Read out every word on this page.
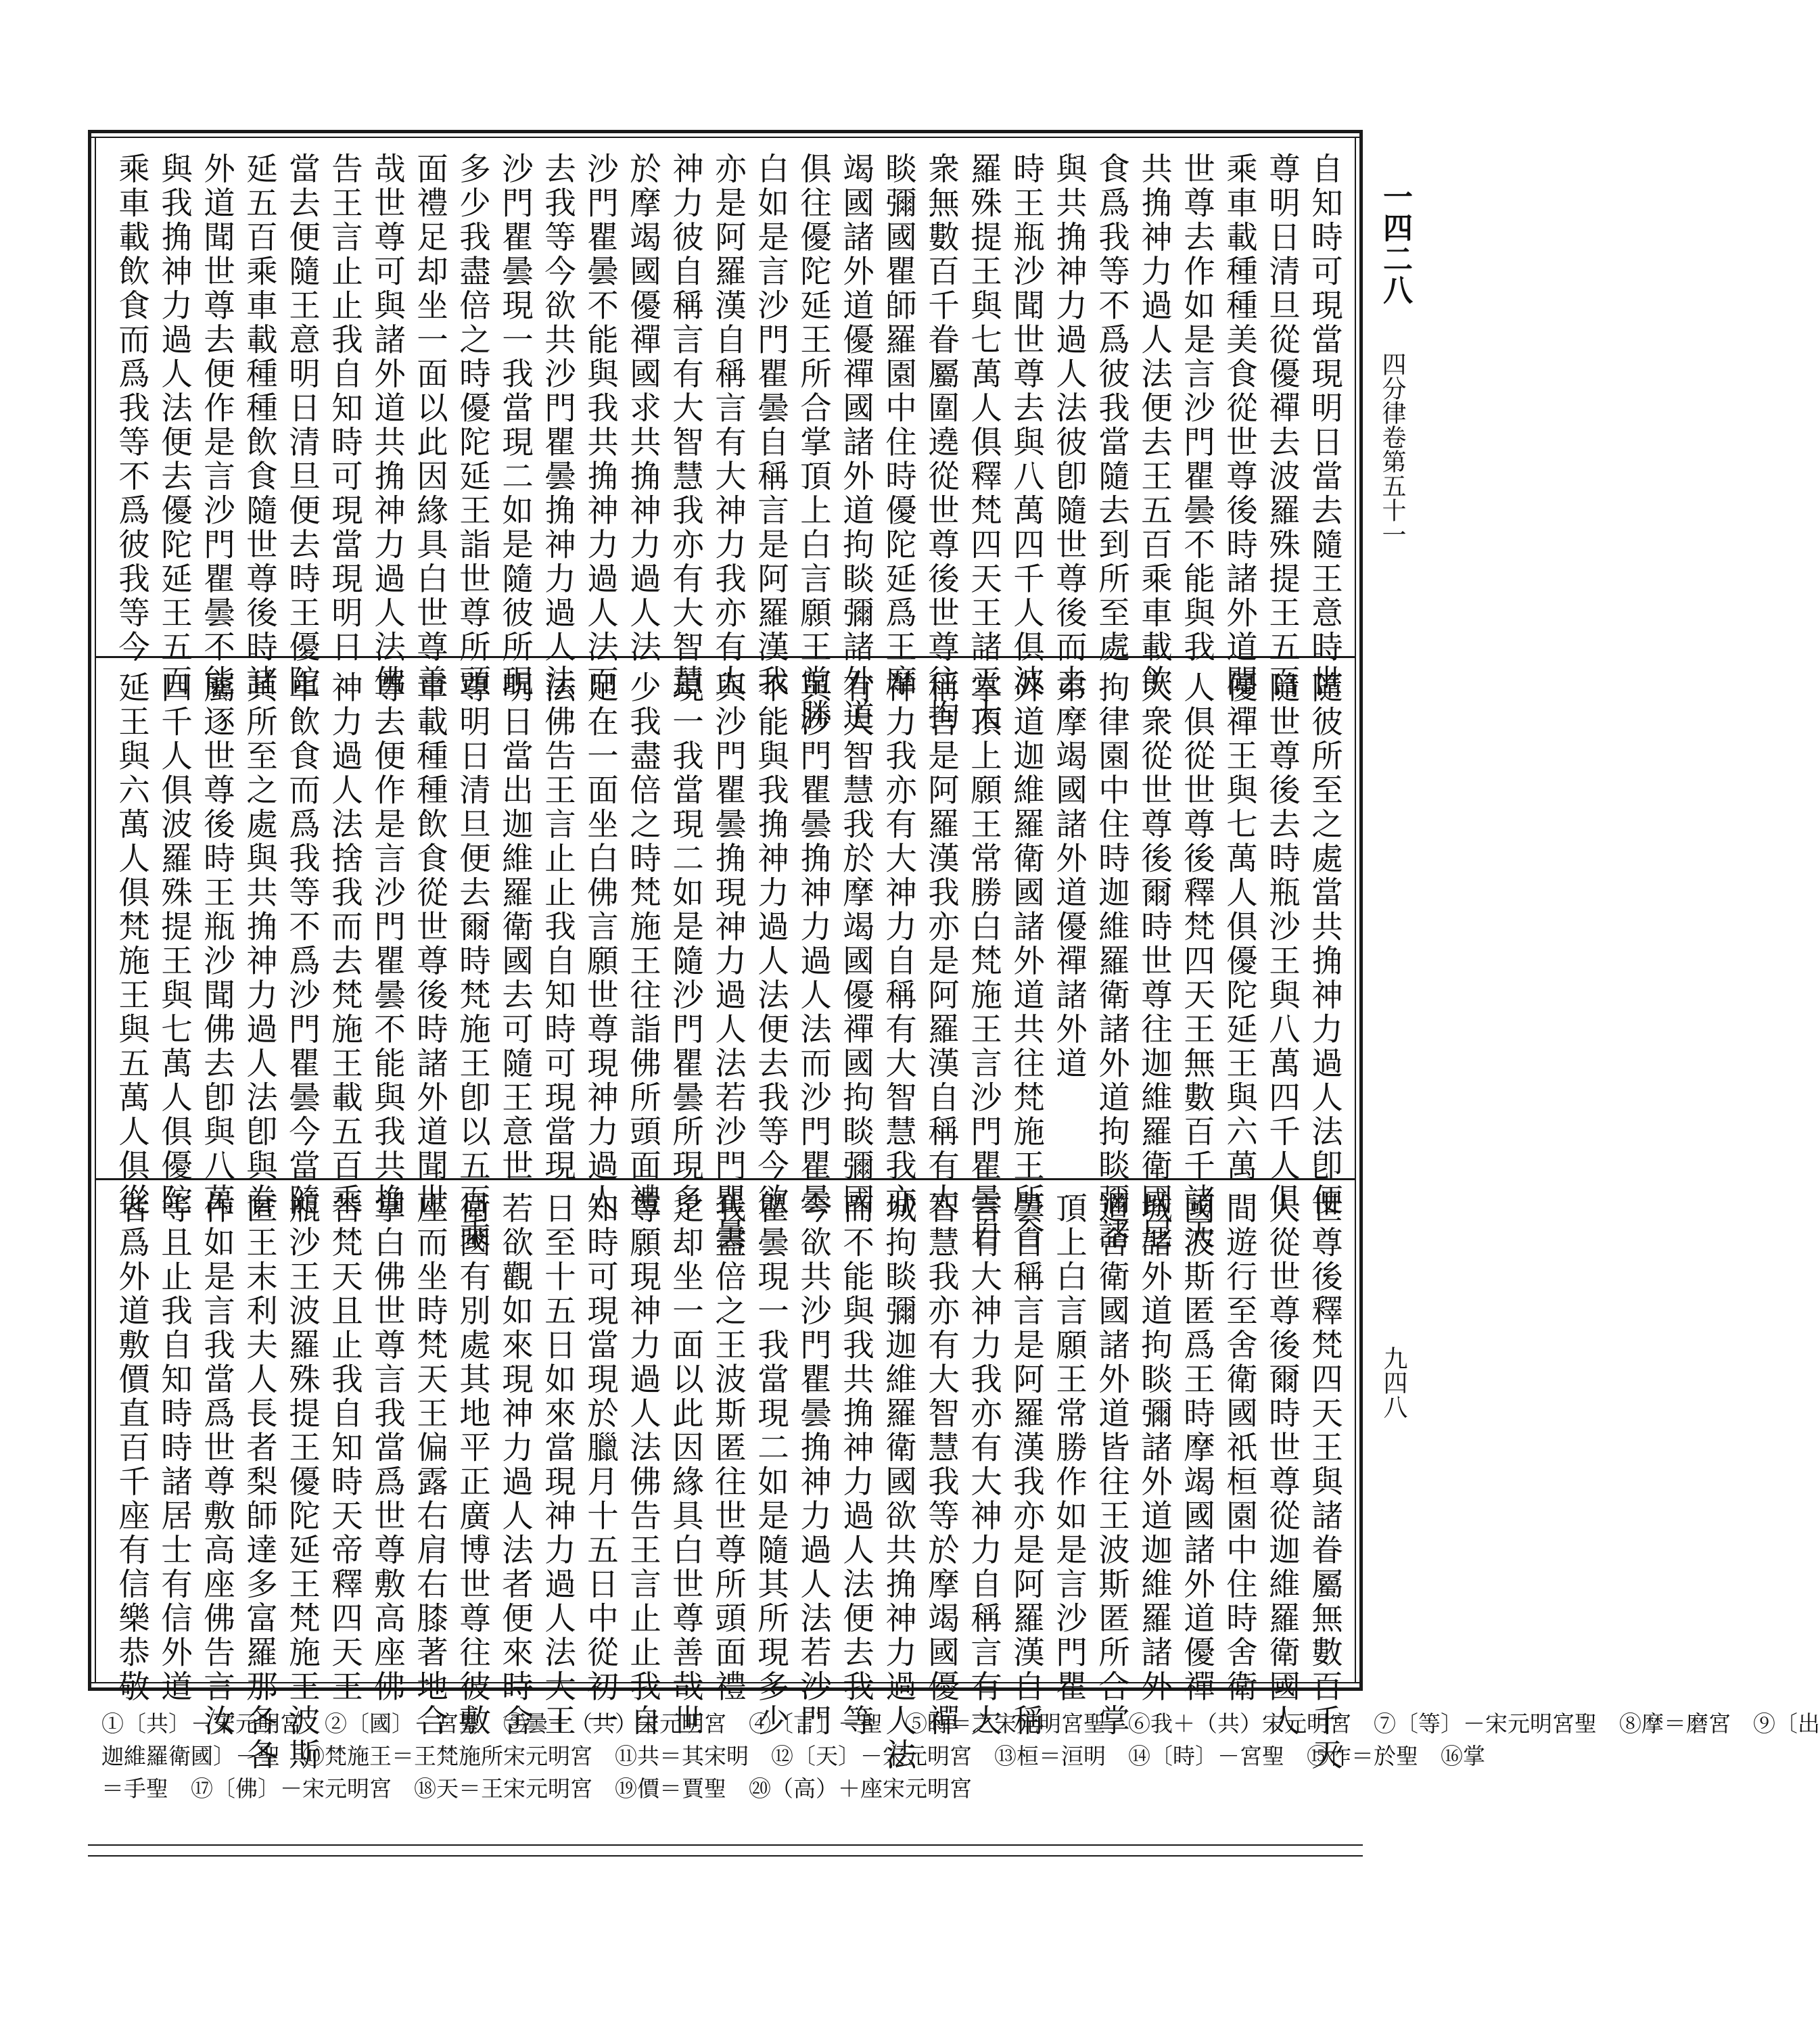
一四二八
四分律卷第五十一
九四八
自知時可現當現明日當去隨王意時世
尊明日清旦從優禪去波羅殊提王五百
乘車載種種美食從世尊後時諸外道聞
世尊去作如是言沙門瞿曇不能與我
共捔神力過人法便去王五百乘車載飲
食爲我等不爲彼我當隨去到所至處
與共捔神力過人法彼卽隨世尊後而去
時王瓶沙聞世尊去與八萬四千人俱波
羅殊提王與七萬人俱釋梵四天王諸天大
衆無數百千眷屬圍遶從世尊後世尊往拘
睒彌國瞿師羅園中住時優陀延爲王摩
竭國諸外道優禪國諸外道拘睒彌諸外道
俱往優陀延王所合掌頂上白言願王常勝
白如是言沙門瞿曇自稱言是阿羅漢我
亦是阿羅漢自稱言有大神力我亦有大
神力彼自稱言有大智慧我亦有大智慧
於摩竭國優禪國求共捔神力過人法
沙門瞿曇不能與我共捔神力過人法而
去我等今欲共沙門瞿曇捔神力過人法
沙門瞿曇現一我當現二如是隨彼所現
多少我盡倍之時優陀延王詣世尊所頭
面禮足却坐一面以此因緣具白世尊善
哉世尊可與諸外道共捔神力過人法佛
告王言止止我自知時可現當現明日
當去便隨王意明日清旦便去時王優陀
延五百乘車載種種飲食隨世尊後時諸
外道聞世尊去便作是言沙門瞿曇不能
與我捔神力過人法便去優陀延王五百
乘車載飲食而爲我等不爲彼我等今
隨彼所至之處當共捔神力過人法卽便
隨世尊後去時瓶沙王與八萬四千人俱
優禪王與七萬人俱優陀延王與六萬
人俱從世尊後釋梵四天王無數百千諸天
大衆從世尊後爾時世尊往迦維羅衛國尼
拘律園中住時迦維羅衛諸外道拘睒彌諸
弟摩竭國諸外道優禪諸外道
外道迦維羅衛國諸外道共往梵施王所合
掌頂上願王常勝白梵施王言沙門瞿曇自
稱言是阿羅漢我亦是阿羅漢自稱有大
神力我亦有大神力自稱有大智慧我亦
有大智慧我於摩竭國優禪國拘睒彌國
與沙門瞿曇捔神力過人法而沙門瞿曇
不能與我捔神力過人法便去我等今欲
與沙門瞿曇捔現神力過人法若沙門瞿曇
現一我當現二如是隨沙門瞿曇所現多
少我盡倍之時梵施王往詣佛所頭面禮
足在一面坐白佛言願世尊現神力過人
法佛告王言止止我自知時可現當現
明日當出迦維羅衛國去可隨王意世
尊明日清旦便去爾時梵施王卽以五百乘
車載種種飲食從世尊後時諸外道聞世
尊去便作是言沙門瞿曇不能與我共捔
神力過人法捨我而去梵施王載五百乘
車飲食而爲我等不爲沙門瞿曇今當隨
其所至之處與共捔神力過人法卽與眷
屬逐世尊後時王瓶沙聞佛去卽與八萬
四千人俱波羅殊提王與七萬人俱優陀
延王與六萬人俱梵施王與五萬人俱從
世尊後釋梵四天王與諸眷屬無數百千天
人從世尊後爾時世尊從迦維羅衛國人
間遊行至舍衛國祇桓園中住時舍衛
國波斯匿爲王時摩竭國諸外道優禪
城諸外道拘睒彌諸外道迦維羅諸外
道舍衛國諸外道皆往王波斯匿所合掌
頂上白言願王常勝作如是言沙門瞿
曇自稱言是阿羅漢我亦是阿羅漢自稱
言有大神力我亦有大神力自稱言有大
智慧我亦有大智慧我等於摩竭國優禪
城拘睒彌迦維羅衛國欲共捔神力過人法
而不能與我共捔神力過人法便去我等
今欲共沙門瞿曇捔神力過人法若沙門
瞿曇現一我當現二如是隨其所現多少
我盡倍之王波斯匿往世尊所頭面禮
足却坐一面以此因緣具白世尊善哉世
尊願現神力過人法佛告王言止止我自
知時可現當現於臘月十五日中從初一
日至十五日如來當現神力過人法大王
若欲觀如來現神力過人法者便來時舍
衛國有別處其地平正廣博世尊往彼敷
座而坐時梵天王偏露右肩右膝著地合
掌白佛世尊言我當爲世尊敷高座佛
告梵天且止我自知時天帝釋四天王
瓶沙王波羅殊提王優陀延王梵施王波斯
匿王末利夫人長者梨師達多富羅那各各
作如是言我當爲世尊敷高座佛告言汝
等且止我自知時時諸居士有信外道
者爲外道敷價直百千座有信樂恭敬
①〔共〕－宋元明宮　②〔國〕－宮聖　③曇＋（共）宋元明宮　④〔言〕－聖　⑤時＝之宋元明宮聖　⑥我＋（共）宋元明宮　⑦〔等〕－宋元明宮聖　⑧摩＝磨宮　⑨〔出
迦維羅衛國〕－聖　⑩梵施王＝王梵施所宋元明宮　⑪共＝其宋明　⑫〔天〕－宋元明宮　⑬桓＝洹明　⑭〔時〕－宮聖　⑮作＝於聖　⑯掌
＝手聖　⑰〔佛〕－宋元明宮　⑱天＝王宋元明宮　⑲價＝賈聖　⑳（高）＋座宋元明宮
